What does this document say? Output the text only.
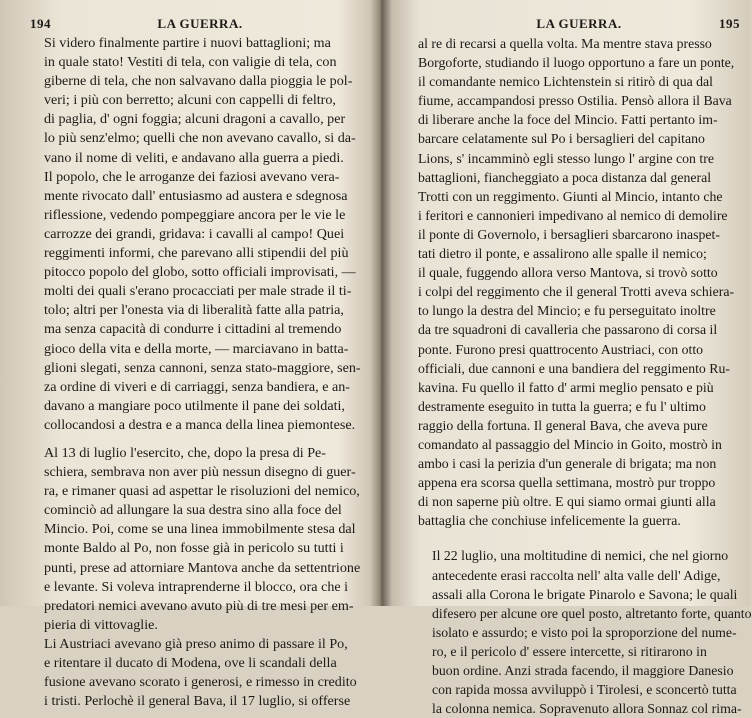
194	LA GUERRA.

Si videro finalmente partire i nuovi battaglioni; ma
in quale stato! Vestiti di tela, con valigie di tela, con
giberne di tela, che non salvavano dalla pioggia le pol-
veri; i più con berretto; alcuni con cappelli di feltro,
di paglia, d' ogni foggia; alcuni dragoni a cavallo, per
lo più senz'elmo; quelli che non avevano cavallo, si da-
vano il nome di veliti, e andavano alla guerra a piedi.
Il popolo, che le arroganze dei faziosi avevano vera-
mente rivocato dall' entusiasmo ad austera e sdegnosa
riflessione, vedendo pompeggiare ancora per le vie le
carrozze dei grandi, gridava: i cavalli al campo! Quei
reggimenti informi, che parevano alli stipendii del più
pitocco popolo del globo, sotto officiali improvisati, —
molti dei quali s'erano procacciati per male strade il ti-
tolo; altri per l'onesta via di liberalità fatte alla patria,
ma senza capacità di condurre i cittadini al tremendo
gioco della vita e della morte, — marciavano in batta-
glioni slegati, senza cannoni, senza stato-maggiore, sen-
za ordine di viveri e di carriaggi, senza bandiera, e an-
davano a mangiare poco utilmente il pane dei soldati,
collocandosi a destra e a manca della linea piemontese.

Al 13 di luglio l'esercito, che, dopo la presa di Pe-
schiera, sembrava non aver più nessun disegno di guer-
ra, e rimaner quasi ad aspettar le risoluzioni del nemico,
cominciò ad allungare la sua destra sino alla foce del
Mincio. Poi, come se una linea immobilmente stesa dal
monte Baldo al Po, non fosse già in pericolo su tutti i
punti, prese ad attorniare Mantova anche da settentrione
e levante. Si voleva intraprenderne il blocco, ora che i
predatori nemici avevano avuto più di tre mesi per em-
pieria di vittovaglie.

Li Austriaci avevano già preso animo di passare il Po,
e ritentare il ducato di Modena, ove li scandali della
fusione avevano scorato i generosi, e rimesso in credito
i tristi. Perlochè il general Bava, il 17 luglio, si offerse

LA GUERRA.	195

al re di recarsi a quella volta. Ma mentre stava presso
Borgoforte, studiando il luogo opportuno a fare un ponte,
il comandante nemico Lichtenstein si ritirò di qua dal
fiume, accampandosi presso Ostilia. Pensò allora il Bava
di liberare anche la foce del Mincio. Fatti pertanto im-
barcare celatamente sul Po i bersaglieri del capitano
Lions, s' incamminò egli stesso lungo l' argine con tre
battaglioni, fiancheggiato a poca distanza dal general
Trotti con un reggimento. Giunti al Mincio, intanto che
i feritori e cannonieri impedivano al nemico di demolire
il ponte di Governolo, i bersaglieri sbarcarono inaspet-
tati dietro il ponte, e assalirono alle spalle il nemico;
il quale, fuggendo allora verso Mantova, si trovò sotto
i colpi del reggimento che il general Trotti aveva schiera-
to lungo la destra del Mincio; e fu perseguitato inoltre
da tre squadroni di cavalleria che passarono di corsa il
ponte. Furono presi quattrocento Austriaci, con otto
officiali, due cannoni e una bandiera del reggimento Ru-
kavina. Fu quello il fatto d' armi meglio pensato e più
destramente eseguito in tutta la guerra; e fu l' ultimo
raggio della fortuna. Il general Bava, che aveva pure
comandato al passaggio del Mincio in Goito, mostrò in
ambo i casi la perizia d'un generale di brigata; ma non
appena era scorsa quella settimana, mostrò pur troppo
di non saperne più oltre. E qui siamo ormai giunti alla
battaglia che conchiuse infelicemente la guerra.

Il 22 luglio, una moltitudine di nemici, che nel giorno
antecedente erasi raccolta nell' alta valle dell' Adige,
assali alla Corona le brigate Pinarolo e Savona; le quali
difesero per alcune ore quel posto, altretanto forte, quanto
isolato e assurdo; e visto poi la sproporzione del nume-
ro, e il pericolo d' essere intercette, si ritirarono in
buon ordine. Anzi strada facendo, il maggiore Danesio
con rapida mossa avviluppò i Tirolesi, e sconcertò tutta
la colonna nemica. Sopravenuto allora Sonnaz col rima-
